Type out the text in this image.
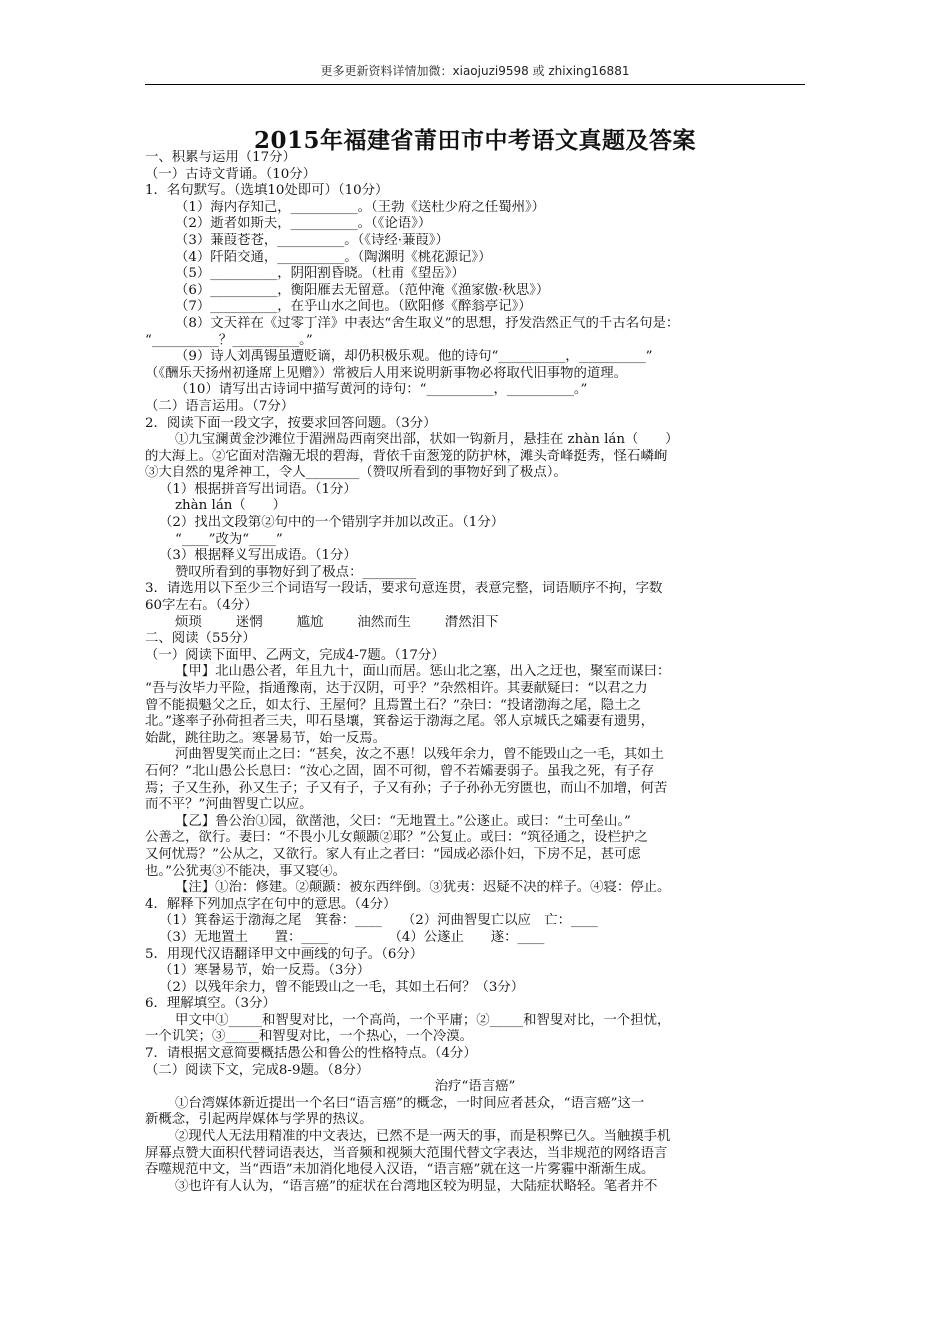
更多更新资料详情加微：xiaojuzi9598 或 zhixing16881
2015年福建省莆田市中考语文真题及答案
一、积累与运用（17分）
（一）古诗文背诵。（10分）
1．名句默写。（选填10处即可）（10分）
（1）海内存知己，__________。（王勃《送杜少府之任蜀州》）
（2）逝者如斯夫，__________。（《论语》）
（3）蒹葭苍苍，__________。（《诗经·蒹葭》）
（4）阡陌交通，__________。（陶渊明《桃花源记》）
（5）__________，阴阳割昏晓。（杜甫《望岳》）
（6）__________，衡阳雁去无留意。（范仲淹《渔家傲·秋思》）
（7）__________，在乎山水之间也。（欧阳修《醉翁亭记》）
（8）文天祥在《过零丁洋》中表达“舍生取义”的思想，抒发浩然正气的千古名句是：
“__________？__________。”
（9）诗人刘禹锡虽遭贬谪，却仍积极乐观。他的诗句“__________，__________”
（《酬乐天扬州初逢席上见赠》）常被后人用来说明新事物必将取代旧事物的道理。
（10）请写出古诗词中描写黄河的诗句：“__________，__________。”
（二）语言运用。（7分）
2．阅读下面一段文字，按要求回答问题。（3分）
①九宝澜黄金沙滩位于湄洲岛西南突出部，状如一钩新月，悬挂在 zhàn lán（　　）
的大海上。②它面对浩瀚无垠的碧海，背依千亩葱笼的防护林，滩头奇峰挺秀，怪石嶙峋
③大自然的鬼斧神工，令人________（赞叹所看到的事物好到了极点）。
（1）根据拼音写出词语。（1分）
zhàn lán（　　）
（2）找出文段第②句中的一个错别字并加以改正。（1分）
“____”改为“____”
（3）根据释义写出成语。（1分）
赞叹所看到的事物好到了极点：________
3．请选用以下至少三个词语写一段话，要求句意连贯，表意完整，词语顺序不拘，字数
60字左右。（4分）
烦琐	迷惘	尴尬	油然而生	潸然泪下
二、阅读（55分）
（一）阅读下面甲、乙两文，完成4-7题。（17分）
【甲】北山愚公者，年且九十，面山而居。惩山北之塞，出入之迂也，聚室而谋曰：
“吾与汝毕力平险，指通豫南，达于汉阴，可乎？”杂然相许。其妻献疑曰：“以君之力
曾不能损魁父之丘，如太行、王屋何？且焉置土石？”杂曰：“投诸渤海之尾，隐土之
北。”遂率子孙荷担者三夫，叩石垦壤，箕畚运于渤海之尾。邻人京城氏之孀妻有遗男，
始龀，跳往助之。寒暑易节，始一反焉。
河曲智叟笑而止之曰：“甚矣，汝之不惠！以残年余力，曾不能毁山之一毛，其如土
石何？”北山愚公长息曰：“汝心之固，固不可彻，曾不若孀妻弱子。虽我之死，有子存
焉；子又生孙，孙又生子；子又有子，子又有孙；子子孙孙无穷匮也，而山不加增，何苦
而不平？”河曲智叟亡以应。
【乙】鲁公治①园，欲凿池，父曰：“无地置土。”公遂止。或曰：“土可垒山。”
公善之，欲行。妻曰：“不畏小儿女颠踬②耶？”公复止。或曰：“筑径通之，设栏护之
又何忧焉？”公从之，又欲行。家人有止之者曰：“园成必添仆妇，下房不足，甚可虑
也。”公犹夷③不能决，事又寝④。
【注】①治：修建。②颠踬：被东西绊倒。③犹夷：迟疑不决的样子。④寝：停止。
4．解释下列加点字在句中的意思。（4分）
（1）箕畚运于渤海之尾　箕畚：____　　（2）河曲智叟亡以应　亡：____
（3）无地置土　　置：____　　　　　（4）公遂止　　遂：____
5．用现代汉语翻译甲文中画线的句子。（6分）
（1）寒暑易节，始一反焉。（3分）
（2）以残年余力，曾不能毁山之一毛，其如土石何？（3分）
6．理解填空。（3分）
甲文中①_____和智叟对比，一个高尚，一个平庸；②_____和智叟对比，一个担忧，
一个讥笑；③_____和智叟对比，一个热心，一个冷漠。
7．请根据文意简要概括愚公和鲁公的性格特点。（4分）
（二）阅读下文，完成8-9题。（8分）
治疗“语言癌”
①台湾媒体新近提出一个名曰“语言癌”的概念，一时间应者甚众，“语言癌”这一
新概念，引起两岸媒体与学界的热议。
②现代人无法用精准的中文表达，已然不是一两天的事，而是积弊已久。当触摸手机
屏幕点赞大面积代替词语表达，当音频和视频大范围代替文字表达，当非规范的网络语言
吞噬规范中文，当“西语”未加消化地侵入汉语，“语言癌”就在这一片雾霾中渐渐生成。
③也许有人认为，“语言癌”的症状在台湾地区较为明显，大陆症状略轻。笔者并不
